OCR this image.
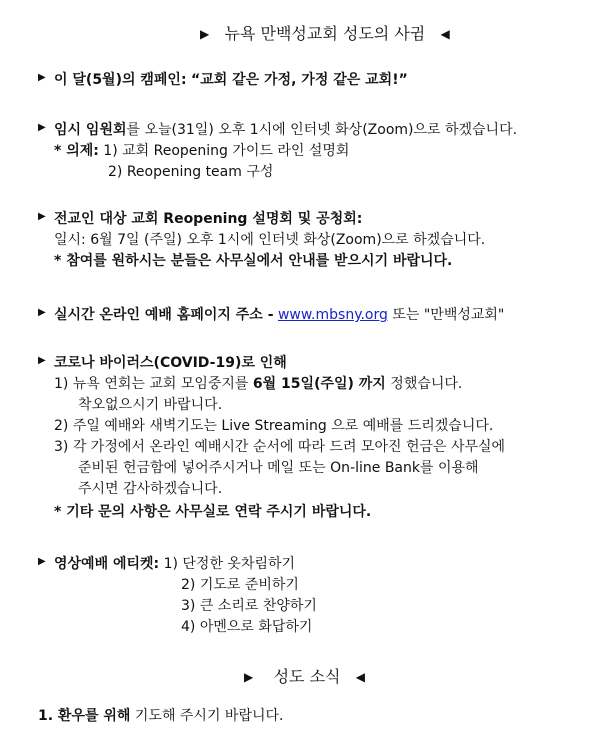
▶ 뉴욕 만백성교회 성도의 사귐 ◀
▶ 이 달(5월)의 캠페인: “교회 같은 가정, 가정 같은 교회!”
▶ 임시 임원회를 오늘(31일) 오후 1시에 인터넷 화상(Zoom)으로 하겠습니다.
* 의제: 1) 교회 Reopening 가이드 라인 설명회
2) Reopening team 구성
▶ 전교인 대상 교회 Reopening 설명회 및 공청회:
일시: 6월 7일 (주일) 오후 1시에 인터넷 화상(Zoom)으로 하겠습니다.
* 참여를 원하시는 분들은 사무실에서 안내를 받으시기 바랍니다.
▶ 실시간 온라인 예배 홈페이지 주소 - www.mbsny.org 또는 "만백성교회"
▶ 코로나 바이러스(COVID-19)로 인해
1) 뉴욕 연회는 교회 모임중지를 6월 15일(주일) 까지 정했습니다.
착오없으시기 바랍니다.
2) 주일 예배와 새벽기도는 Live Streaming 으로 예배를 드리겠습니다.
3) 각 가정에서 온라인 예배시간 순서에 따라 드려 모아진 헌금은 사무실에
준비된 헌금함에 넣어주시거나 메일 또는 On-line Bank를 이용해
주시면 감사하겠습니다.
* 기타 문의 사항은 사무실로 연락 주시기 바랍니다.
▶ 영상예배 에티켓: 1) 단정한 옷차림하기
2) 기도로 준비하기
3) 큰 소리로 찬양하기
4) 아멘으로 화답하기
▶ 성도 소식 ◀
1. 환우를 위해 기도해 주시기 바랍니다.
